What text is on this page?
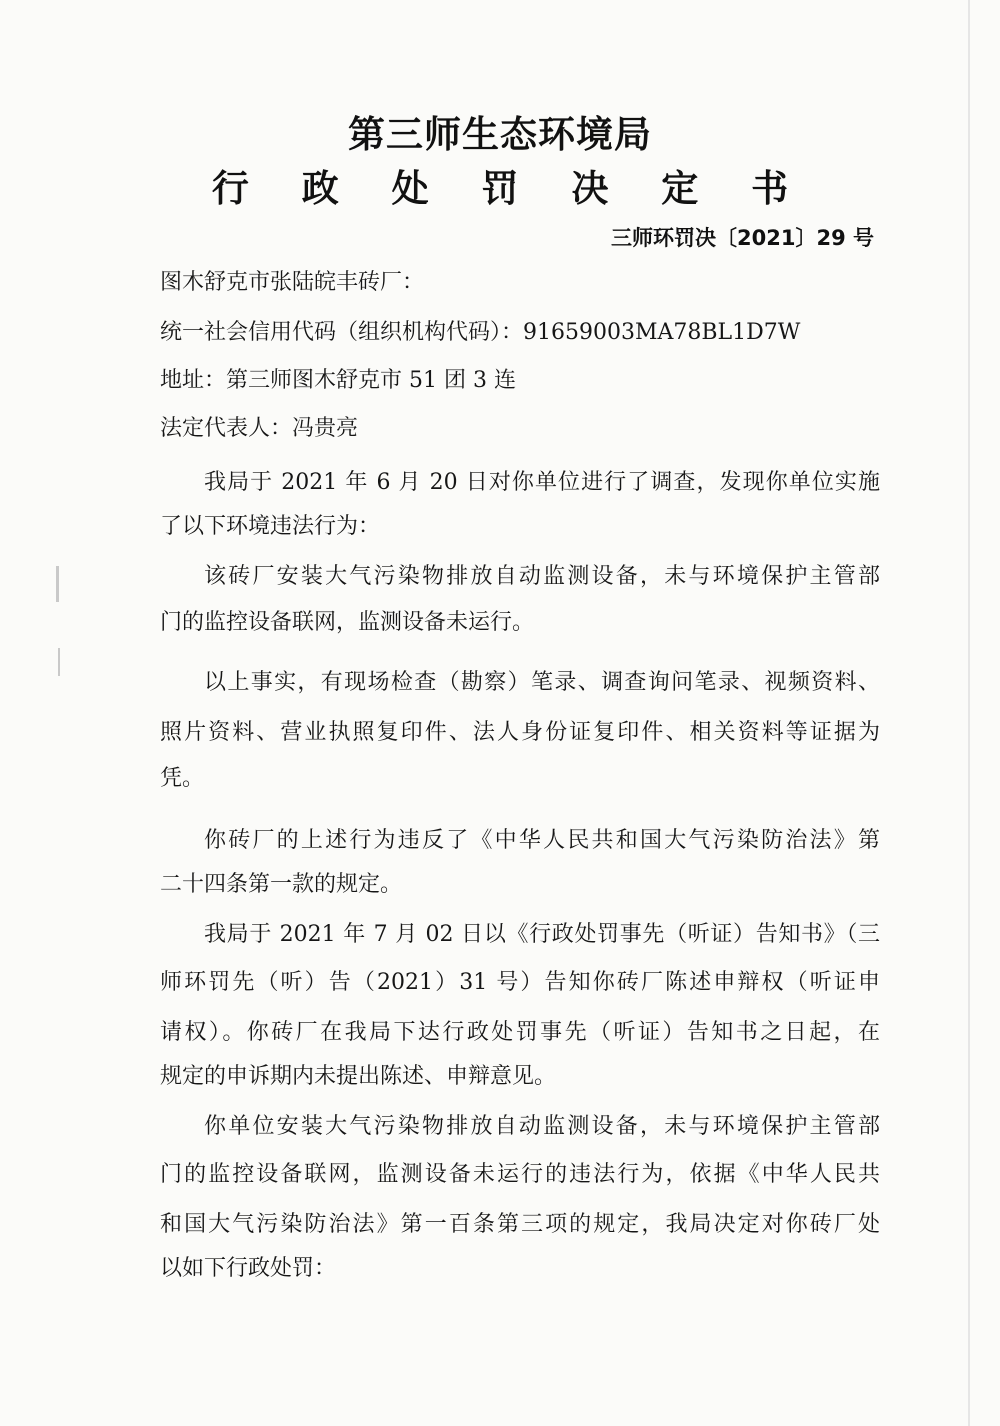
第三师生态环境局
行 政 处 罚 决 定 书
三师环罚决〔2021〕29 号
图木舒克市张陆皖丰砖厂：
统一社会信用代码（组织机构代码）：91659003MA78BL1D7W
地址：第三师图木舒克市 51 团 3 连
法定代表人：冯贵亮
我局于 2021 年 6 月 20 日对你单位进行了调查，发现你单位实施
了以下环境违法行为：
该砖厂安装大气污染物排放自动监测设备，未与环境保护主管部
门的监控设备联网，监测设备未运行。
以上事实，有现场检查（勘察）笔录、调查询问笔录、视频资料、
照片资料、营业执照复印件、法人身份证复印件、相关资料等证据为
凭。
你砖厂的上述行为违反了《中华人民共和国大气污染防治法》第
二十四条第一款的规定。
我局于 2021 年 7 月 02 日以《行政处罚事先（听证）告知书》（三
师环罚先（听）告（2021）31 号）告知你砖厂陈述申辩权（听证申
请权）。你砖厂在我局下达行政处罚事先（听证）告知书之日起，在
规定的申诉期内未提出陈述、申辩意见。
你单位安装大气污染物排放自动监测设备，未与环境保护主管部
门的监控设备联网，监测设备未运行的违法行为，依据《中华人民共
和国大气污染防治法》第一百条第三项的规定，我局决定对你砖厂处
以如下行政处罚：
